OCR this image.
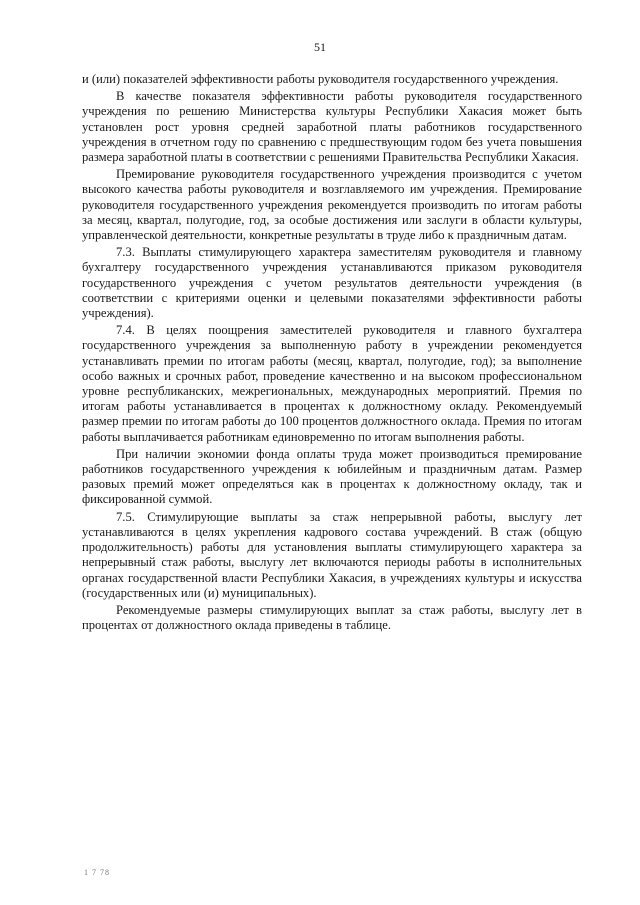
51

и (или) показателей эффективности работы руководителя государственного учреждения.

В качестве показателя эффективности работы руководителя государственного учреждения по решению Министерства культуры Республики Хакасия может быть установлен рост уровня средней заработной платы работников государственного учреждения в отчетном году по сравнению с предшествующим годом без учета повышения размера заработной платы в соответствии с решениями Правительства Республики Хакасия.

Премирование руководителя государственного учреждения производится с учетом высокого качества работы руководителя и возглавляемого им учреждения. Премирование руководителя государственного учреждения рекомендуется производить по итогам работы за месяц, квартал, полугодие, год, за особые достижения или заслуги в области культуры, управленческой деятельности, конкретные результаты в труде либо к праздничным датам.

7.3. Выплаты стимулирующего характера заместителям руководителя и главному бухгалтеру государственного учреждения устанавливаются приказом руководителя государственного учреждения с учетом результатов деятельности учреждения (в соответствии с критериями оценки и целевыми показателями эффективности работы учреждения).

7.4. В целях поощрения заместителей руководителя и главного бухгалтера государственного учреждения за выполненную работу в учреждении рекомендуется устанавливать премии по итогам работы (месяц, квартал, полугодие, год); за выполнение особо важных и срочных работ, проведение качественно и на высоком профессиональном уровне республиканских, межрегиональных, международных мероприятий. Премия по итогам работы устанавливается в процентах к должностному окладу. Рекомендуемый размер премии по итогам работы до 100 процентов должностного оклада. Премия по итогам работы выплачивается работникам единовременно по итогам выполнения работы.

При наличии экономии фонда оплаты труда может производиться премирование работников государственного учреждения к юбилейным и праздничным датам. Размер разовых премий может определяться как в процентах к должностному окладу, так и фиксированной суммой.

7.5. Стимулирующие выплаты за стаж непрерывной работы, выслугу лет устанавливаются в целях укрепления кадрового состава учреждений. В стаж (общую продолжительность) работы для установления выплаты стимулирующего характера за непрерывный стаж работы, выслугу лет включаются периоды работы в исполнительных органах государственной власти Республики Хакасия, в учреждениях культуры и искусства (государственных или (и) муниципальных).

Рекомендуемые размеры стимулирующих выплат за стаж работы, выслугу лет в процентах от должностного оклада приведены в таблице.

1 7 78
